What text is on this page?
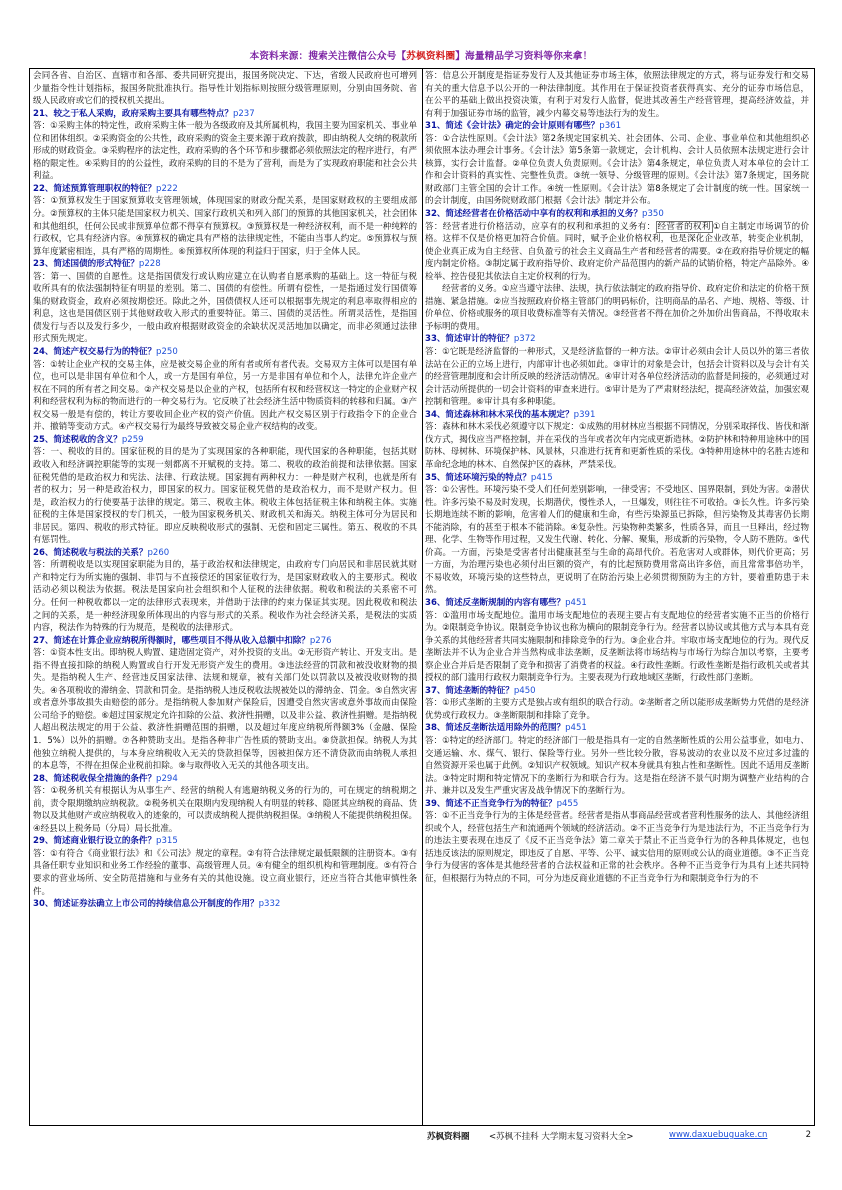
本资料来源：搜索关注微信公众号【苏枫资料圈】海量精品学习资料等你来拿！
会同各省、自治区、直辖市和各部、委共同研究提出，报国务院决定、下达，省级人民政府也可增列少量指令性计划指标，报国务院批准执行。指导性计划指标则按照分级管理原则，分别由国务院、省级人民政府或它们的授权机关提出。
21、较之于私人采购，政府采购主要具有哪些特点？p237
答：①采购主体的特定性，政府采购主体一般为各级政府及其所属机构，我国主要为国家机关、事业单位和团体组织。②采购资金的公共性，政府采购的资金主要来源于政府拨款，即由纳税人交纳的税款所形成的财政资金。③采购程序的法定性，政府采购的各个环节和步骤都必须依照法定的程序进行，有严格的限定性。④采购目的的公益性，政府采购的目的不是为了营利，而是为了实现政府职能和社会公共利益。
22、简述预算管理职权的特征？p222
答：①预算权发生于国家预算收支管理领域，体现国家的财政分配关系，是国家财政权的主要组成部分。②预算权的主体只能是国家权力机关、国家行政机关和列入部门的预算的其他国家机关，社会团体和其他组织，任何公民或非预算单位都不得享有预算权。③预算权是一种经济权利，而不是一种纯粹的行政权，它具有经济内容。④预算权的确定具有严格的法律规定性，不能由当事人约定。⑤预算权与预算年度紧密相连，具有严格的周期性。⑥预算权所体现的利益归于国家，归于全体人民。
23、简述国债的形式特征？p228
答：第一、国债的自愿性。这是指国债发行或认购应建立在认购者自愿承购的基础上。这一特征与税收所具有的依法强制特征有明显的差别。第二、国债的有偿性。所谓有偿性，一是指通过发行国债筹集的财政资金，政府必须按期偿还。除此之外，国债债权人还可以根据事先规定的利息率取得相应的利息，这也是国债区别于其他财政收入形式的重要特征。第三、国债的灵活性。所谓灵活性，是指国债发行与否以及发行多少，一般由政府根据财政资金的余缺状况灵活地加以确定，而非必须通过法律形式预先规定。
24、简述产权交易行为的特征？p250
答：①转让企业产权的交易主体，应是被交易企业的所有者或所有者代表。交易双方主体可以是国有单位，也可以是非国有单位和个人，或一方是国有单位，另一方是非国有单位和个人，法律允许企业产权在不同的所有者之间交易。②产权交易是以企业的产权，包括所有权和经营权这一特定的企业财产权利和经营权利为标的物而进行的一种交易行为。它反映了社会经济生活中物质资料的转移和归属。③产权交易一般是有偿的，转让方要收回企业产权的资产价值。因此产权交易区别于行政指令下的企业合并、撤销等变动方式。④产权交易行为最终导致被交易企业产权结构的改变。
25、简述税收的含义？p259
答：一、税收的目的。国家征税的目的是为了实现国家的各种职能，现代国家的各种职能，包括其财政收入和经济调控职能等的实现一刻都离不开赋税的支持。第二、税收的政治前提和法律依据。国家征税凭借的是政治权力和宪法、法律、行政法规。国家拥有两种权力：一种是财产权利，也就是所有者的权力；另一种是政治权力，即国家的权力。国家征税凭借的是政治权力，而不是财产权力。但是，政治权力的行使要基于法律的规定。第三、税收主体。税收主体包括征税主体和纳税主体。实施征税的主体是国家授权的专门机关，一般为国家税务机关、财政机关和海关。纳税主体可分为居民和非居民。第四、税收的形式特征。即应反映税收形式的强制、无偿和固定三属性。第五、税收的不具有惩罚性。
26、简述税收与税法的关系？p260
答：所谓税收是以实现国家职能为目的，基于政治权和法律规定，由政府专门向居民和非居民就其财产和特定行为所实施的强制、非罚与不直接偿还的国家征收行为，是国家财政收入的主要形式。税收活动必须以税法为依据。税法是国家向社会组织和个人征税的法律依据。税收和税法的关系密不可分。任何一种税收都以一定的法律形式表现来，并借助于法律的约束力保证其实现。因此税收和税法之间的关系，是一种经济现象所体现出的内容与形式的关系。税收作为社会经济关系，是税法的实质内容，税法作为特殊的行为规范，是税收的法律形式。
27、简述在计算企业应纳税所得额时，哪些项目不得从收入总额中扣除？p276
答：①资本性支出。即纳税人购置、建造固定资产，对外投资的支出。②无形资产转让、开发支出。是指不得直接扣除的纳税人购置或自行开发无形资产发生的费用。③违法经营的罚款和被没收财物的损失。是指纳税人生产、经营违反国家法律、法规和规章，被有关部门处以罚款以及被没收财物的损失。④各项税收的滞纳金、罚款和罚金。是指纳税人违反税收法规被处以的滞纳金、罚金。⑤自然灾害或者意外事故损失由赔偿的部分。是指纳税人参加财产保险后，因遭受自然灾害或意外事故而由保险公司给予的赔偿。⑥超过国家规定允许扣除的公益、救济性捐赠，以及非公益、救济性捐赠。是指纳税人超出税法规定的用于公益、救济性捐赠范围的捐赠，以及超过年度应纳税所得额3%（金融、保险1．5%）以外的捐赠。⑦各种赞助支出。是指各种非广告性质的赞助支出。⑧贷款担保。纳税人为其他独立纳税人提供的，与本身应纳税收入无关的贷款担保等，因被担保方还不清贷款而由纳税人承担的本息等，不得在担保企业税前扣除。⑨与取得收入无关的其他各项支出。
28、简述税收保全措施的条件？p294
答：①税务机关有根据认为从事生产、经营的纳税人有逃避纳税义务的行为的，可在规定的纳税期之前，责令限期缴纳应纳税款。②税务机关在限期内发现纳税人有明显的转移、隐匿其应纳税的商品、货物以及其他财产或应纳税收入的迹象的，可以责成纳税人提供纳税担保。③纳税人不能提供纳税担保。④经县以上税务局（分局）局长批准。
29、简述商业银行设立的条件？p315
答：①有符合《商业银行法》和《公司法》规定的章程。②有符合法律规定最低限额的注册资本。③有具备任职专业知识和业务工作经验的董事、高级管理人员。④有健全的组织机构和管理制度。⑤有符合要求的营业场所、安全防范措施和与业务有关的其他设施。设立商业银行，还应当符合其他审慎性条件。
30、简述证券法确立上市公司的持续信息公开制度的作用？p332
答：信息公开制度是指证券发行人及其他证券市场主体，依照法律规定的方式，将与证券发行和交易有关的重大信息予以公开的一种法律制度。其作用在于保证投资者获得真实、充分的证券市场信息，在公平的基础上做出投资决策，有利于对发行人监督，促进其改善生产经营管理，提高经济效益，并有利于加强证券市场的监管，减少内幕交易等违法行为的发生。
31、简述《会计法》确定的会计原则有哪些？p361
答：①合法性原则。《会计法》第2条规定国家机关、社会团体、公司、企业、事业单位和其他组织必须依照本法办理会计事务。《会计法》第5条第一款规定，会计机构、会计人员依照本法规定进行会计核算，实行会计监督。②单位负责人负责原则。《会计法》第4条规定，单位负责人对本单位的会计工作和会计资料的真实性、完整性负责。③统一领导、分级管理的原则。《会计法》第7条规定，国务院财政部门主管全国的会计工作。④统一性原则。《会计法》第8条规定了会计制度的统一性。国家统一的会计制度，由国务院财政部门根据《会计法》制定并公布。
32、简述经营者在价格活动中享有的权利和承担的义务？p350
答：经营者进行价格活动，应享有的权利和承担的义务有： 经营者的权利 ①自主制定市场调节的价格。这样不仅是价格更加符合价值。同时，赋予企业价格权利，也是深化企业改革，转变企业机制，使企业真正成为自主经营、自负盈亏的社会主义商品生产者和经营者的需要。②在政府指导价规定的幅度内制定价格。③制定属于政府指导价、政府定价产品范围内的新产品的试销价格，特定产品除外。④检举、控告侵犯其依法自主定价权利的行为。
经营者的义务。①应当遵守法律、法规，执行依法制定的政府指导价、政府定价和法定的价格干预措施、紧急措施。②应当按照政府价格主管部门的明码标价，注明商品的品名、产地、规格、等级、计价单位、价格或服务的项目收费标准等有关情况。③经营者不得在加价之外加价出售商品，不得收取未予标明的费用。
33、简述审计的特征？p372
答：①它既是经济监督的一种形式，又是经济监督的一种方法。②审计必须由会计人员以外的第三者依法站在公正的立场上进行，内部审计也必须如此。③审计的对象是会计，包括会计资料以及与会计有关的经营管理制度和会计所反映的经济活动情况。④审计对各单位经济活动的监督是间接的，必须通过对会计活动所提供的一切会计资料的审查来进行。⑤审计是为了严肃财经法纪，提高经济效益，加强宏观控制和管理。⑥审计具有多种职能。
34、简述森林和林木采伐的基本规定？p391
答：森林和林木采伐必须遵守以下规定：①成熟的用材林应当根据不同情况，分别采取择伐、皆伐和渐伐方式，揭伐应当严格控制，并在采伐的当年或者次年内完成更新造林。②防护林和特种用途林中的国防林、母树林、环境保护林、风景林，只准进行抚育和更新性质的采伐。③特种用途林中的名胜古迹和革命纪念地的林木、自然保护区的森林，严禁采伐。
35、简述环境污染的特点？p415
答：①公害性。环境污染不受人们任何差别影响，一律受害；不受地区、国界限制，到处为害。②潜伏性。许多污染不易及时发现，长期潜伏，慢性杀人，一旦爆发，则往往不可收拾。③长久性。许多污染长期地连续不断的影响，危害着人们的健康和生命，有些污染源虽已拆除，但污染物及其毒害仍长期不能消除，有的甚至于根本不能消除。④复杂性。污染物种类繁多，性质各异，而且一旦释出，经过物理、化学、生物等作用过程，又发生代谢、转化、分解、聚集，形成新的污染物，令人防不胜防。⑤代价高。一方面，污染是受害者付出健康甚至与生命的高昂代价。若危害对人或群体，则代价更高；另一方面，为治理污染也必须付出巨额的资产，有的比起预防费用常高出许多倍，而且常常事倍功半，不易收效，环境污染的这些特点，更说明了在防治污染上必须贯彻预防为主的方针，要着重防患于未然。
36、简述反垄断规制的内容有哪些？p451
答：①滥用市场支配地位。滥用市场支配地位的表现主要占有支配地位的经营者实施不正当的价格行为。②限制竞争协议。限制竞争协议也称为横向的限制竞争行为。经营者以协议或其他方式与本具有竞争关系的其他经营者共同实施限制和排除竞争的行为。③企业合并。牢取市场支配地位的行为。现代反垄断法并不认为企业合并当然构成非法垄断，反垄断法将市场结构与市场行为综合加以考察，主要考察企业合并后是否限制了竞争和损害了消费者的权益。④行政性垄断。行政性垄断是指行政机关或者其授权的部门滥用行政权力限制竞争行为。主要表现为行政地域区垄断，行政性部门垄断。
37、简述垄断的特征？p450
答：①形式垄断的主要方式是独占或有组织的联合行动。②垄断者之所以能形成垄断势力凭借的是经济优势或行政权力。③垄断限制和排除了竞争。
38、简述反垄断法适用除外的范围？p451
答：①特定的经济部门。特定的经济部门一般是指具有一定的自然垄断性质的公用公益事业，如电力、交通运输、水、煤气、银行、保险等行业。另外一些比较分散，容易波动的农业以及不应过多过滥的自然资源开采也属于此例。②知识产权领域。知识产权本身就具有独占性和垄断性。因此不适用反垄断法。③特定时期和特定情况下的垄断行为和联合行为。这是指在经济不景气时期为调整产业结构的合并、兼并以及发生严重灾害及战争情况下的垄断行为。
39、简述不正当竞争行为的特征？p455
答：①不正当竞争行为的主体是经营者。经营者是指从事商品经营或者营利性服务的法人、其他经济组织或个人，经营包括生产和流通两个领域的经济活动。②不正当竞争行为是违法行为，不正当竞争行为的违法主要表现在违反了《反不正当竞争法》第二章关于禁止不正当竞争行为的各种具体规定，也包括违反该法的原则规定，即违反了自愿、平等、公平、诚实信用的原则或公认的商业道德。③不正当竞争行为侵害的客体是其他经营者的合法权益和正常的社会秩序。各种不正当竞争行为具有上述共同特征，但根据行为特点的不同，可分为违反商业道德的不正当竞争行为和限制竞争行为的不
苏枫资料圈 <苏枫不挂科 大学期末复习资料大全>	www.daxuebuguake.cn	2
